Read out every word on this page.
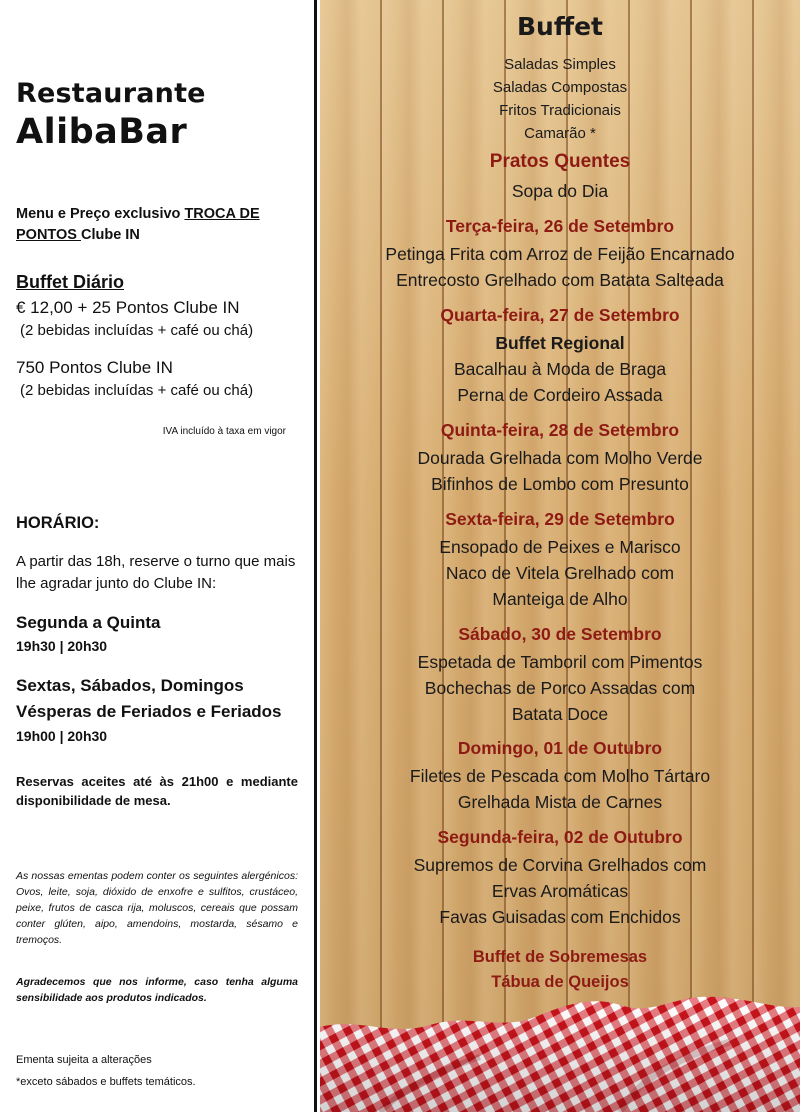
Restaurante
AlibaBar
Menu e Preço exclusivo TROCA DE PONTOS Clube IN
Buffet Diário
€ 12,00 + 25 Pontos Clube IN
(2 bebidas incluídas + café ou chá)
750 Pontos Clube IN
(2 bebidas incluídas + café ou chá)
IVA incluído à taxa em vigor
HORÁRIO:
A partir das 18h, reserve o turno que mais lhe agradar junto do Clube IN:
Segunda a Quinta
19h30 | 20h30
Sextas, Sábados, Domingos
Vésperas de Feriados e Feriados
19h00 | 20h30
Reservas aceites até às 21h00 e mediante disponibilidade de mesa.
As nossas ementas podem conter os seguintes alergénicos: Ovos, leite, soja, dióxido de enxofre e sulfitos, crustáceo, peixe, frutos de casca rija, moluscos, cereais que possam conter glúten, aipo, amendoins, mostarda, sésamo e tremoços.
Agradecemos que nos informe, caso tenha alguma sensibilidade aos produtos indicados.
Ementa sujeita a alterações
*exceto sábados e buffets temáticos.
Buffet
Saladas Simples
Saladas Compostas
Fritos Tradicionais
Camarão *
Pratos Quentes
Sopa do Dia
Terça-feira, 26 de Setembro
Petinga Frita com Arroz de Feijão Encarnado
Entrecosto Grelhado com Batata Salteada
Quarta-feira, 27 de Setembro
Buffet Regional
Bacalhau à Moda de Braga
Perna de Cordeiro Assada
Quinta-feira, 28 de Setembro
Dourada Grelhada com Molho Verde
Bifinhos de Lombo com Presunto
Sexta-feira, 29 de Setembro
Ensopado de Peixes e Marisco
Naco de Vitela Grelhado com
Manteiga de Alho
Sábado, 30 de Setembro
Espetada de Tamboril com Pimentos
Bochechas de Porco Assadas com
Batata Doce
Domingo, 01 de Outubro
Filetes de Pescada com Molho Tártaro
Grelhada Mista de Carnes
Segunda-feira, 02 de Outubro
Supremos de Corvina Grelhados com
Ervas Aromáticas
Favas Guisadas com Enchidos
Buffet de Sobremesas
Tábua de Queijos
